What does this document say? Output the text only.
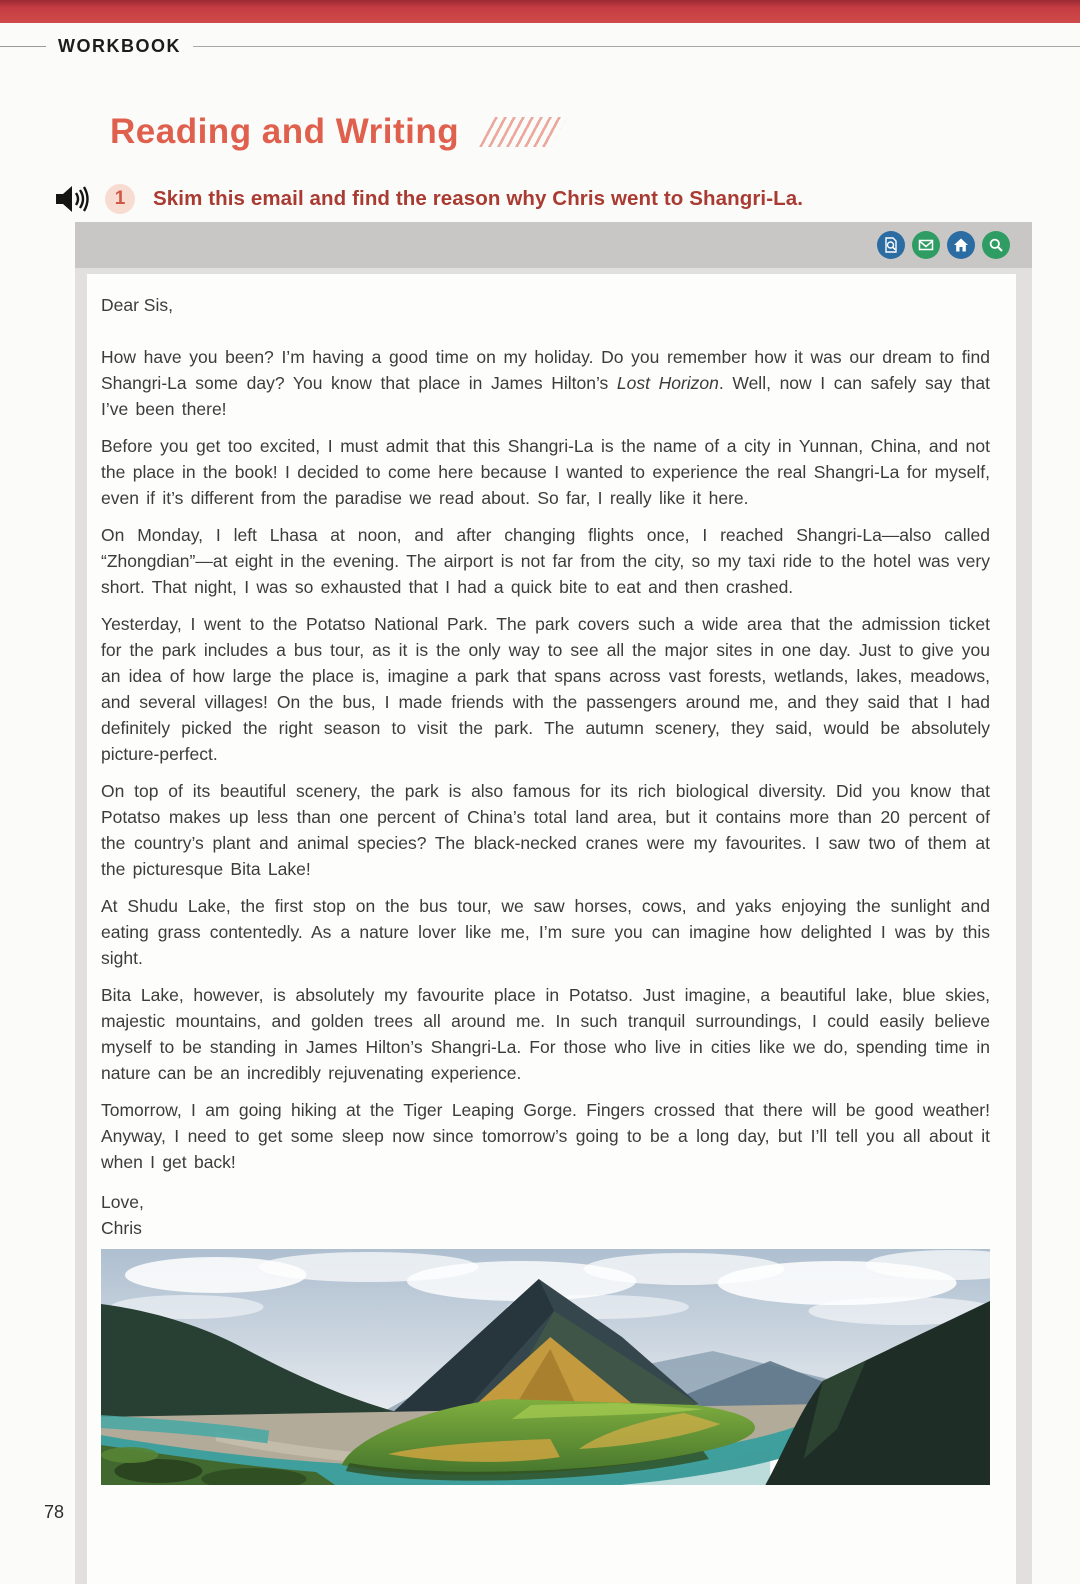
WORKBOOK
Reading and Writing
1	Skim this email and find the reason why Chris went to Shangri-La.
Dear Sis,

How have you been? I’m having a good time on my holiday. Do you remember how it was our dream to find Shangri-La some day? You know that place in James Hilton’s Lost Horizon. Well, now I can safely say that I’ve been there!

Before you get too excited, I must admit that this Shangri-La is the name of a city in Yunnan, China, and not the place in the book! I decided to come here because I wanted to experience the real Shangri-La for myself, even if it’s different from the paradise we read about. So far, I really like it here.

On Monday, I left Lhasa at noon, and after changing flights once, I reached Shangri-La—also called “Zhongdian”—at eight in the evening. The airport is not far from the city, so my taxi ride to the hotel was very short. That night, I was so exhausted that I had a quick bite to eat and then crashed.

Yesterday, I went to the Potatso National Park. The park covers such a wide area that the admission ticket for the park includes a bus tour, as it is the only way to see all the major sites in one day. Just to give you an idea of how large the place is, imagine a park that spans across vast forests, wetlands, lakes, meadows, and several villages! On the bus, I made friends with the passengers around me, and they said that I had definitely picked the right season to visit the park. The autumn scenery, they said, would be absolutely picture-perfect.

On top of its beautiful scenery, the park is also famous for its rich biological diversity. Did you know that Potatso makes up less than one percent of China’s total land area, but it contains more than 20 percent of the country’s plant and animal species? The black-necked cranes were my favourites. I saw two of them at the picturesque Bita Lake!

At Shudu Lake, the first stop on the bus tour, we saw horses, cows, and yaks enjoying the sunlight and eating grass contentedly. As a nature lover like me, I’m sure you can imagine how delighted I was by this sight.

Bita Lake, however, is absolutely my favourite place in Potatso. Just imagine, a beautiful lake, blue skies, majestic mountains, and golden trees all around me. In such tranquil surroundings, I could easily believe myself to be standing in James Hilton’s Shangri-La. For those who live in cities like we do, spending time in nature can be an incredibly rejuvenating experience.

Tomorrow, I am going hiking at the Tiger Leaping Gorge. Fingers crossed that there will be good weather! Anyway, I need to get some sleep now since tomorrow’s going to be a long day, but I’ll tell you all about it when I get back!

Love,
Chris
78
